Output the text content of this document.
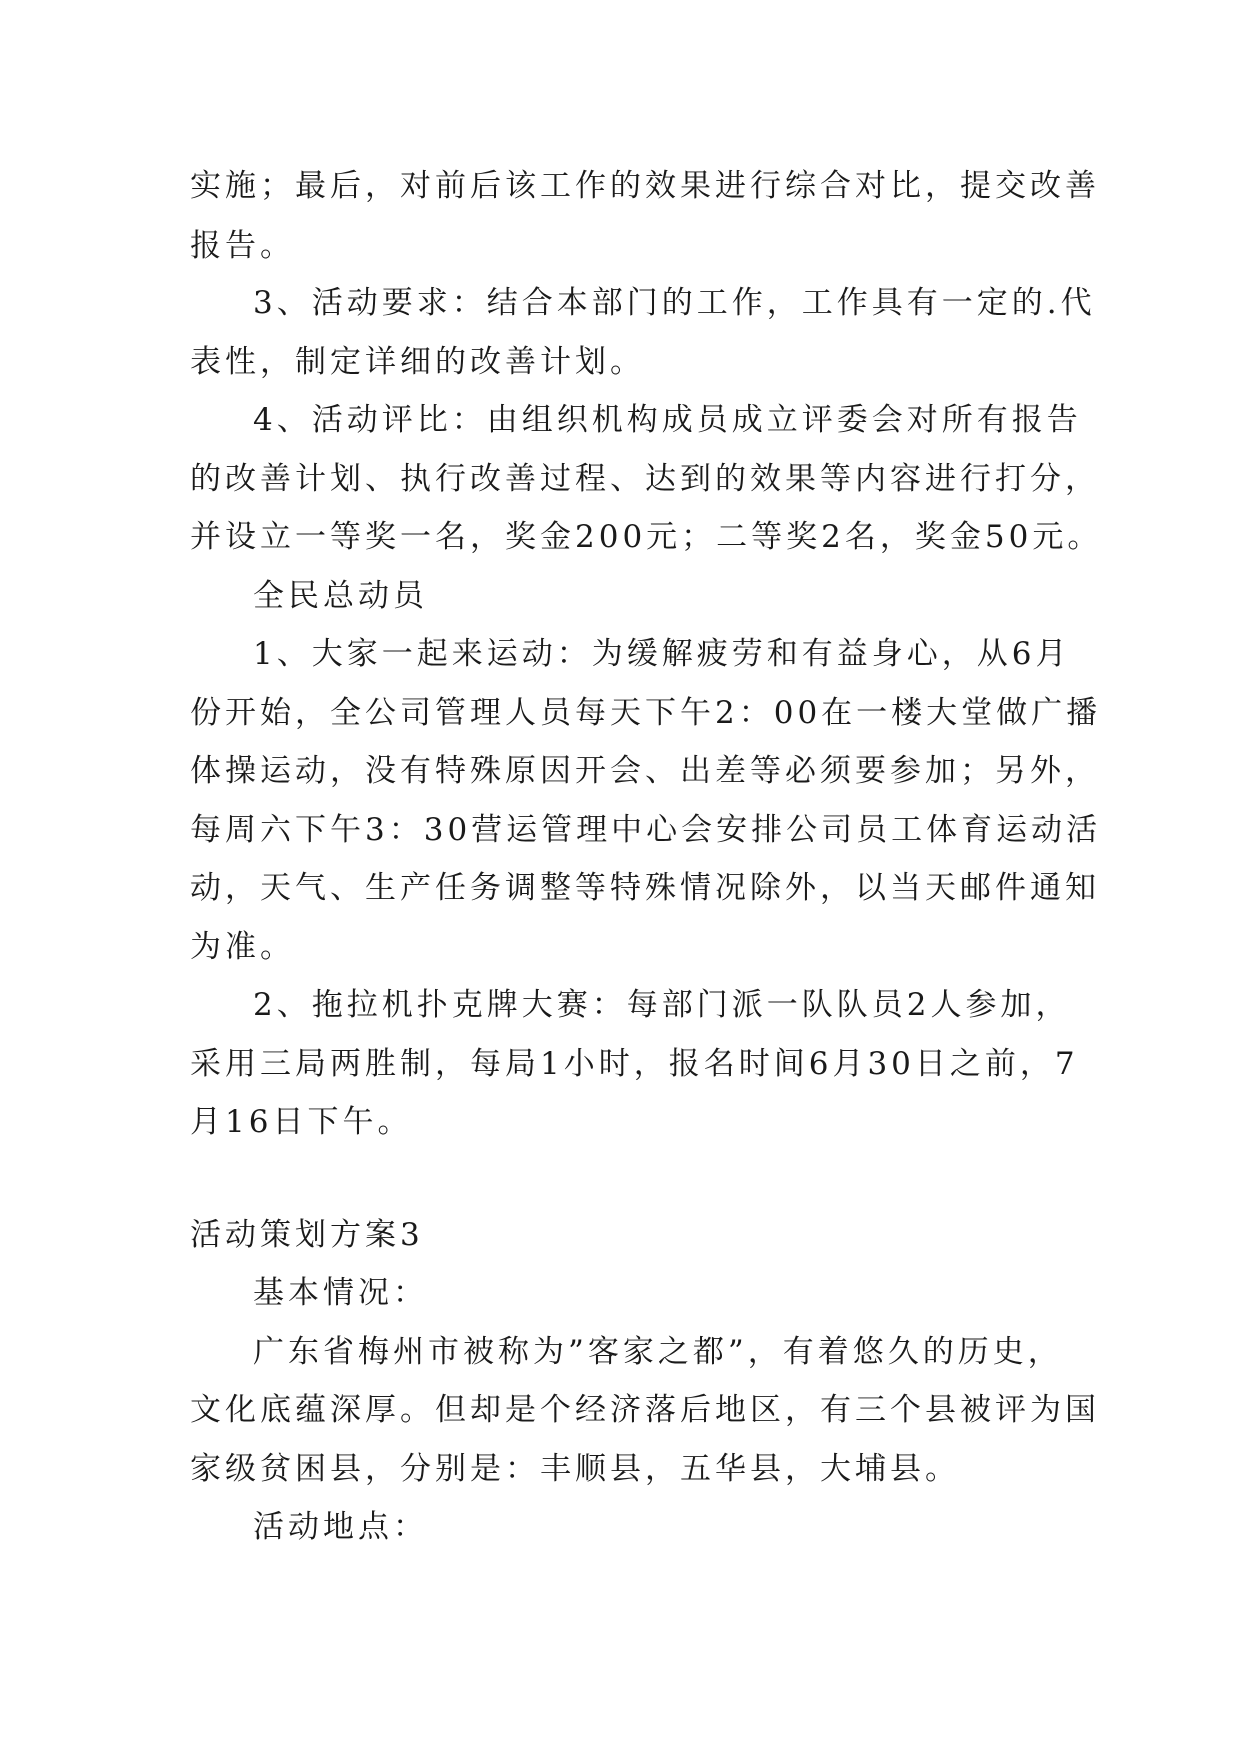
实施；最后，对前后该工作的效果进行综合对比，提交改善
报告。
3、活动要求：结合本部门的工作，工作具有一定的.代
表性，制定详细的改善计划。
4、活动评比：由组织机构成员成立评委会对所有报告
的改善计划、执行改善过程、达到的效果等内容进行打分，
并设立一等奖一名，奖金200元；二等奖2名，奖金50元。
全民总动员
1、大家一起来运动：为缓解疲劳和有益身心，从6月
份开始，全公司管理人员每天下午2：00在一楼大堂做广播
体操运动，没有特殊原因开会、出差等必须要参加；另外，
每周六下午3：30营运管理中心会安排公司员工体育运动活
动，天气、生产任务调整等特殊情况除外，以当天邮件通知
为准。
2、拖拉机扑克牌大赛：每部门派一队队员2人参加，
采用三局两胜制，每局1小时，报名时间6月30日之前，7
月16日下午。
活动策划方案3
基本情况：
广东省梅州市被称为”客家之都”，有着悠久的历史，
文化底蕴深厚。但却是个经济落后地区，有三个县被评为国
家级贫困县，分别是：丰顺县，五华县，大埔县。
活动地点：
